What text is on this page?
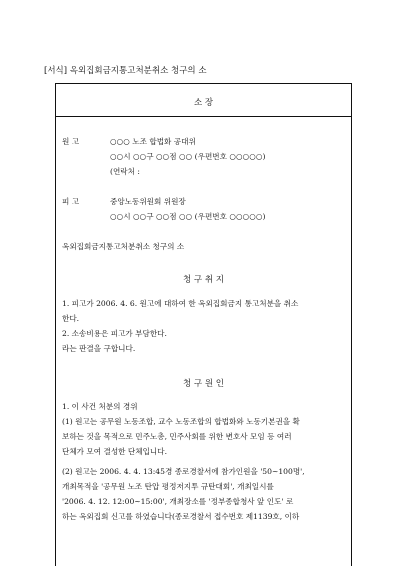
[서식] 옥외집회금지통고처분취소 청구의 소
소 장
원 고	○○○ 노조 합법화 공대위
○○시 ○○구 ○○점 ○○ (우편번호 ○○○○○)
(연락처 :
피 고	중앙노동위원회 위원장
○○시 ○○구 ○○점 ○○ (우편번호 ○○○○○)
옥외집회금지통고처분취소 청구의 소
청 구 취 지
1. 피고가 2006. 4. 6. 원고에 대하여 한 옥외집회금지 통고처분을 취소
한다.
2. 소송비용은 피고가 부담한다.
라는 판결을 구합니다.
청 구 원 인
1. 이 사건 처분의 경위
(1) 원고는 공무원 노동조합, 교수 노동조합의 합법화와 노동기본권을 확
보하는 것을 목적으로 민주노총, 민주사회를 위한 변호사 모임 등 여러
단체가 모여 결성한 단체입니다.
(2) 원고는 2006. 4. 4. 13:45경 종로경찰서에 참가인원을 '50~100명',
개최목적을 '공무원 노조 탄압 평정저지투 규탄대회', 개최일시를
'2006. 4. 12. 12:00~15:00', 개최장소를 '정부종합청사 앞 인도' 로
하는 옥외집회 신고를 하였습니다(종로경찰서 접수번호 제1139호, 이하
